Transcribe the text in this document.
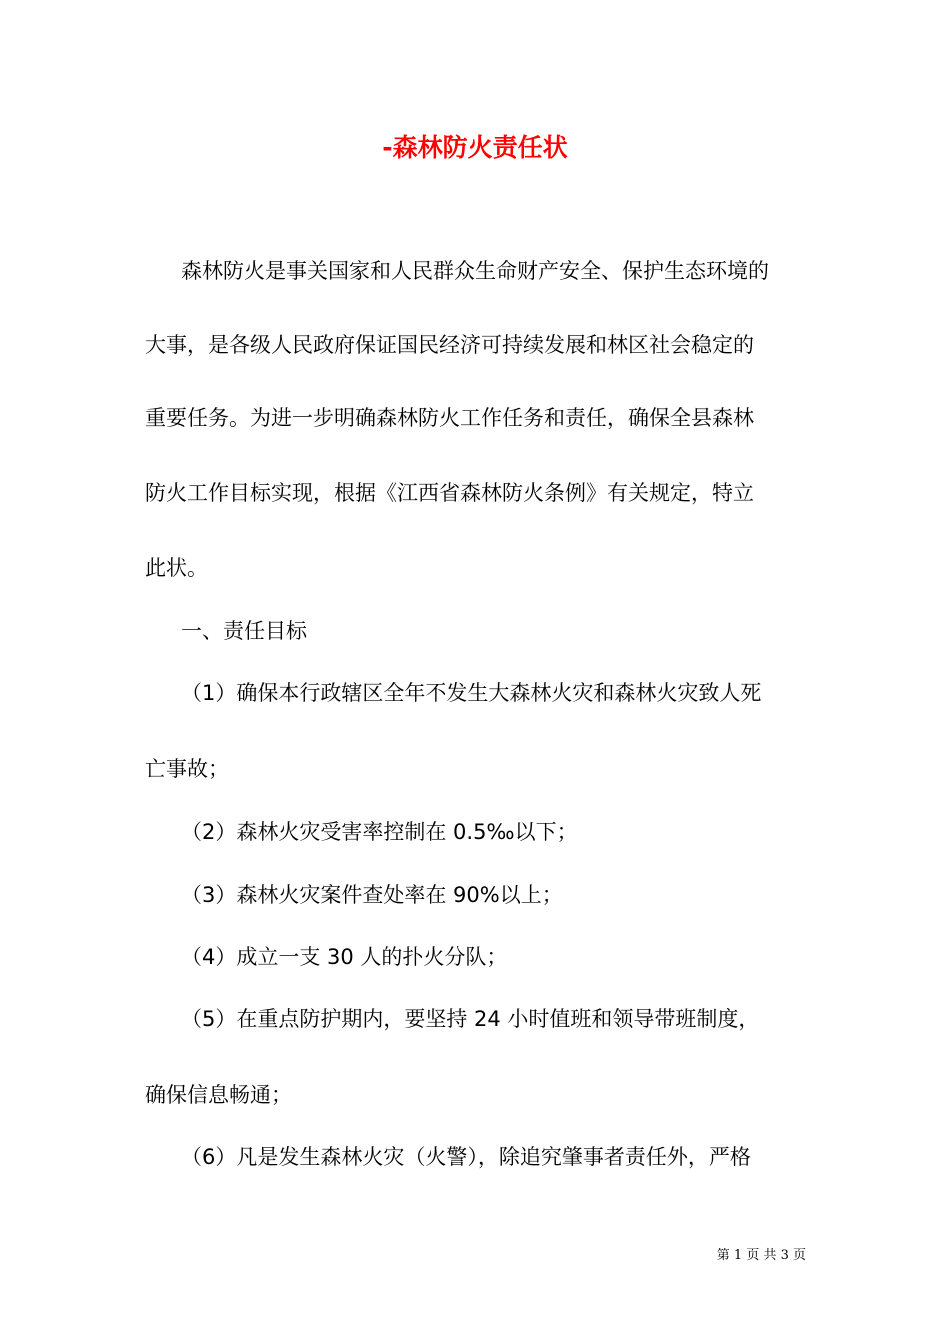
-森林防火责任状

森林防火是事关国家和人民群众生命财产安全、保护生态环境的

大事，是各级人民政府保证国民经济可持续发展和林区社会稳定的

重要任务。为进一步明确森林防火工作任务和责任，确保全县森林

防火工作目标实现，根据《江西省森林防火条例》有关规定，特立

此状。

一、责任目标

（1）确保本行政辖区全年不发生大森林火灾和森林火灾致人死

亡事故；

（2）森林火灾受害率控制在 0.5‰以下；

（3）森林火灾案件查处率在 90%以上；

（4）成立一支 30 人的扑火分队；

（5）在重点防护期内，要坚持 24 小时值班和领导带班制度，

确保信息畅通；

（6）凡是发生森林火灾（火警），除追究肇事者责任外，严格

第 1 页 共 3 页
